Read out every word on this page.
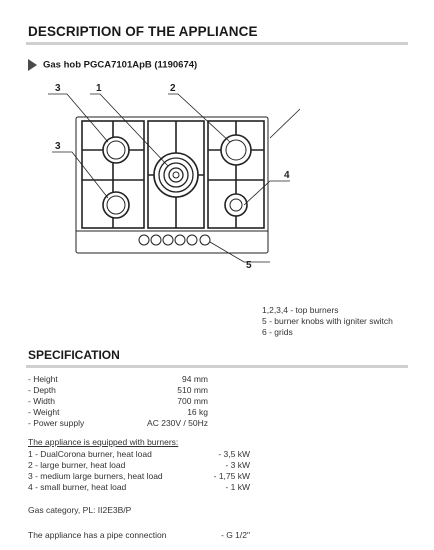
DESCRIPTION OF THE APPLIANCE
Gas hob PGCA7101ApB (1190674)
3	1	2
3
4
5
1,2,3,4 - top burners
5 - burner knobs with igniter switch
6 - grids
SPECIFICATION
- Height	94 mm
- Depth	510 mm
- Width	700 mm
- Weight	16 kg
- Power supply	AC 230V / 50Hz
The appliance is equipped with burners:
1 - DualCorona burner, heat load	- 3,5 kW
2 - large burner, heat load	- 3 kW
3 - medium large burners, heat load	- 1,75 kW
4 - small burner, heat load	- 1 kW
Gas category, PL: II2E3B/P
The appliance has a pipe connection	- G 1/2"
